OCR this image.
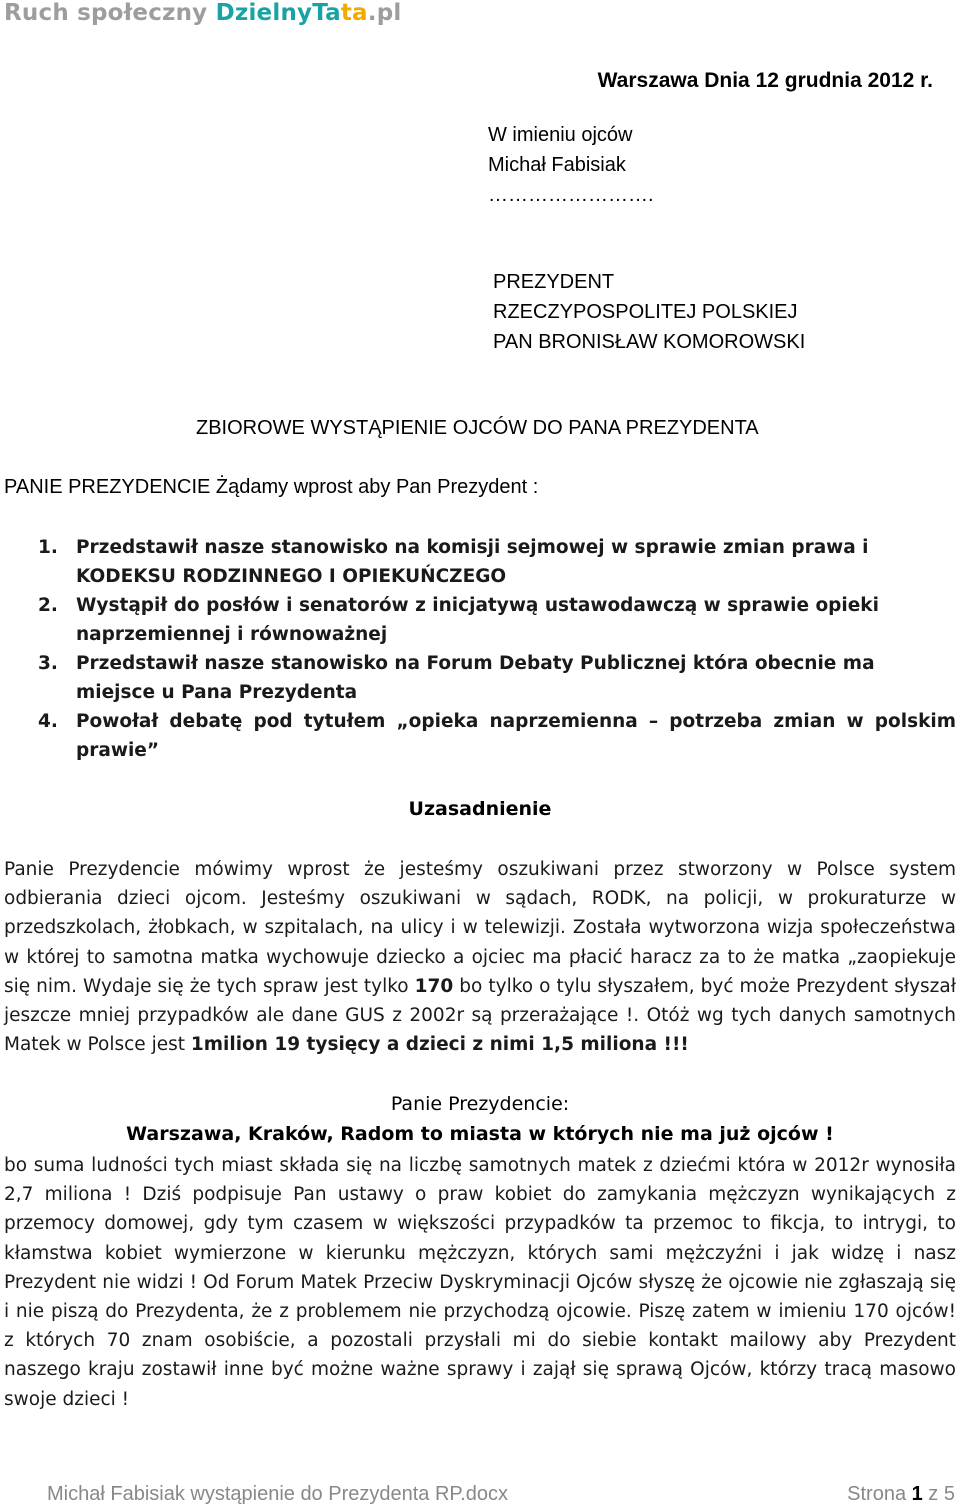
Ruch społeczny DzielnyTata.pl
Warszawa Dnia 12 grudnia 2012 r.
W imieniu ojców
Michał Fabisiak
…………………….
PREZYDENT
RZECZYPOSPOLITEJ POLSKIEJ
PAN BRONISŁAW KOMOROWSKI
ZBIOROWE WYSTĄPIENIE OJCÓW DO PANA PREZYDENTA
PANIE PREZYDENCIE Żądamy wprost aby Pan Prezydent :
1. Przedstawił nasze stanowisko na komisji sejmowej w sprawie zmian prawa i KODEKSU RODZINNEGO I OPIEKUŃCZEGO
2. Wystąpił do posłów i senatorów z inicjatywą ustawodawczą w sprawie opieki naprzemiennej i równoważnej
3. Przedstawił nasze stanowisko na Forum Debaty Publicznej która obecnie ma miejsce u Pana Prezydenta
4. Powołał debatę pod tytułem „opieka naprzemienna – potrzeba zmian w polskim prawie”
Uzasadnienie
Panie Prezydencie mówimy wprost że jesteśmy oszukiwani przez stworzony w Polsce system odbierania dzieci ojcom. Jesteśmy oszukiwani w sądach, RODK, na policji, w prokuraturze w przedszkolach, żłobkach, w szpitalach, na ulicy i w telewizji. Została wytworzona wizja społeczeństwa w której to samotna matka wychowuje dziecko a ojciec ma płacić haracz za to że matka „zaopiekuje się nim. Wydaje się że tych spraw jest tylko 170 bo tylko o tylu słyszałem, być może Prezydent słyszał jeszcze mniej przypadków ale dane GUS z 2002r są przerażające !. Otóż wg tych danych samotnych Matek w Polsce jest 1milion 19 tysięcy a dzieci z nimi 1,5 miliona !!!
Panie Prezydencie:
Warszawa, Kraków, Radom to miasta w których nie ma już ojców !
bo suma ludności tych miast składa się na liczbę samotnych matek z dziećmi która w 2012r wynosiła 2,7 miliona ! Dziś podpisuje Pan ustawy o praw kobiet do zamykania mężczyzn wynikających z przemocy domowej, gdy tym czasem w większości przypadków ta przemoc to fikcja, to intrygi, to kłamstwa kobiet wymierzone w kierunku mężczyzn, których sami mężczyźni i jak widzę i nasz Prezydent nie widzi ! Od Forum Matek Przeciw Dyskryminacji Ojców słyszę że ojcowie nie zgłaszają się i nie piszą do Prezydenta, że z problemem nie przychodzą ojcowie. Piszę zatem w imieniu 170 ojców! z których 70 znam osobiście, a pozostali przysłali mi do siebie kontakt mailowy aby Prezydent naszego kraju zostawił inne być możne ważne sprawy i zajął się sprawą Ojców, którzy tracą masowo swoje dzieci !
Michał Fabisiak wystąpienie do Prezydenta RP.docx	Strona 1 z 5
